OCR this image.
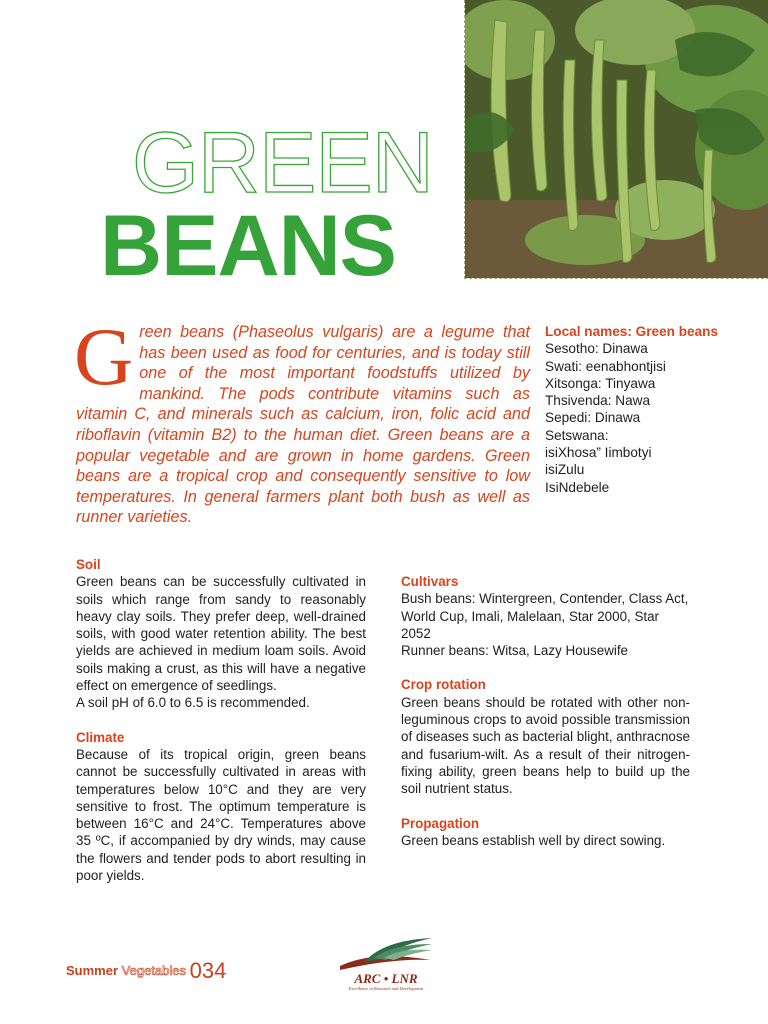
GREEN
BEANS

Green beans (Phaseolus vulgaris) are a legume that has been used as food for centuries, and is today still one of the most important foodstuffs utilized by mankind. The pods contribute vitamins such as vitamin C, and minerals such as calcium, iron, folic acid and riboflavin (vitamin B2) to the human diet. Green beans are a popular vegetable and are grown in home gardens. Green beans are a tropical crop and consequently sensitive to low temperatures. In general farmers plant both bush as well as runner varieties.

Local names: Green beans
Sesotho: Dinawa
Swati: eenabhontjisi
Xitsonga: Tinyawa
Thsivenda: Nawa
Sepedi: Dinawa
Setswana:
isiXhosa” Iimbotyi
isiZulu
IsiNdebele

Soil

Green beans can be successfully cultivated in soils which range from sandy to reasonably heavy clay soils. They prefer deep, well-drained soils, with good water retention ability. The best yields are achieved in medium loam soils. Avoid soils making a crust, as this will have a negative effect on emergence of seedlings.

A soil pH of 6.0 to 6.5 is recommended.

Climate

Because of its tropical origin, green beans cannot be successfully cultivated in areas with temperatures below 10°C and they are very sensitive to frost. The optimum temperature is between 16°C and 24°C. Temperatures above 35 ºC, if accompanied by dry winds, may cause the flowers and tender pods to abort resulting in poor yields.

Cultivars

Bush beans: Wintergreen, Contender, Class Act, World Cup, Imali, Malelaan, Star 2000, Star 2052

Runner beans: Witsa, Lazy Housewife

Crop rotation

Green beans should be rotated with other non-leguminous crops to avoid possible transmission of diseases such as bacterial blight, anthracnose and fusarium-wilt. As a result of their nitrogen-fixing ability, green beans help to build up the soil nutrient status.

Propagation

Green beans establish well by direct sowing.

Summer Vegetables 034	ARC • LNR
Excellence in Research and Development
